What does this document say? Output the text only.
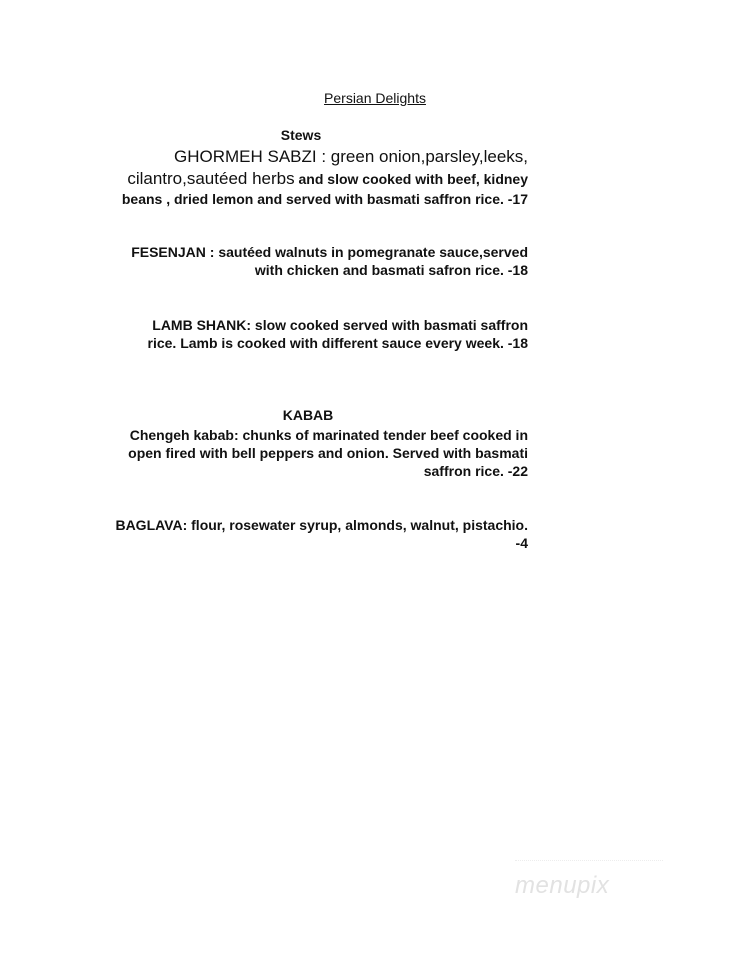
Persian Delights
Stews
GHORMEH SABZI : green onion,parsley,leeks,
cilantro,sautéed herbs and slow cooked with beef, kidney
beans , dried lemon and served with basmati saffron rice. -17
FESENJAN : sautéed walnuts in pomegranate sauce,served
with chicken and basmati safron rice. -18
LAMB SHANK: slow cooked served with basmati saffron
rice. Lamb is cooked with different sauce every week. -18
KABAB
Chengeh kabab: chunks of marinated tender beef cooked in
open fired with bell peppers and onion. Served with basmati
saffron rice. -22
BAGLAVA: flour, rosewater syrup, almonds, walnut, pistachio.
-4
menupix
